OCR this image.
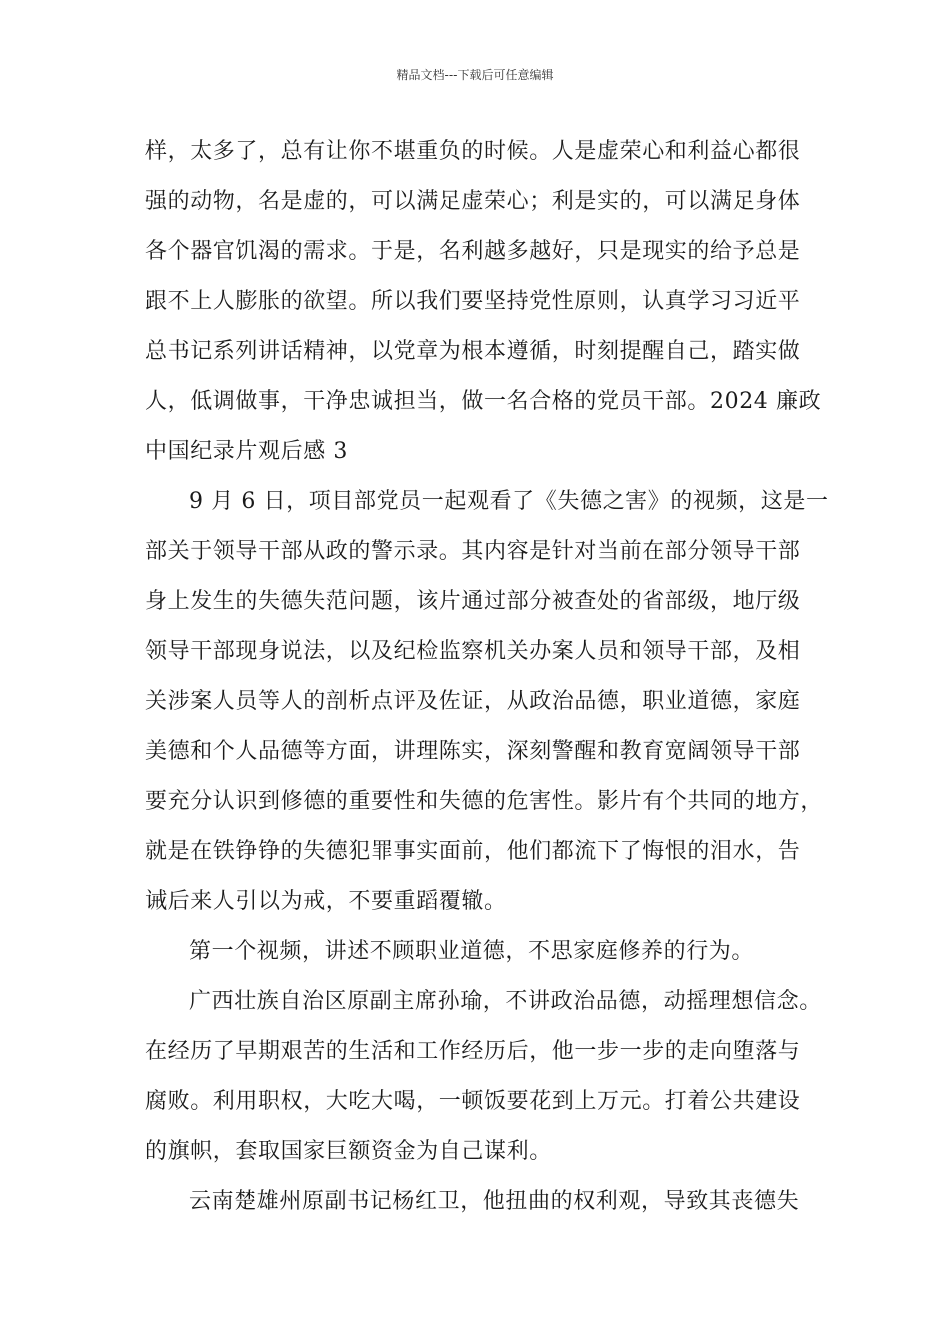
精品文档---下载后可任意编辑
样，太多了，总有让你不堪重负的时候。人是虚荣心和利益心都很
强的动物，名是虚的，可以满足虚荣心；利是实的，可以满足身体
各个器官饥渴的需求。于是，名利越多越好，只是现实的给予总是
跟不上人膨胀的欲望。所以我们要坚持党性原则，认真学习习近平
总书记系列讲话精神，以党章为根本遵循，时刻提醒自己，踏实做
人，低调做事，干净忠诚担当，做一名合格的党员干部。2024 廉政
中国纪录片观后感 3
9 月 6 日，项目部党员一起观看了《失德之害》的视频，这是一
部关于领导干部从政的警示录。其内容是针对当前在部分领导干部
身上发生的失德失范问题，该片通过部分被查处的省部级，地厅级
领导干部现身说法，以及纪检监察机关办案人员和领导干部，及相
关涉案人员等人的剖析点评及佐证，从政治品德，职业道德，家庭
美德和个人品德等方面，讲理陈实，深刻警醒和教育宽阔领导干部
要充分认识到修德的重要性和失德的危害性。影片有个共同的地方，
就是在铁铮铮的失德犯罪事实面前，他们都流下了悔恨的泪水，告
诫后来人引以为戒，不要重蹈覆辙。
第一个视频，讲述不顾职业道德，不思家庭修养的行为。
广西壮族自治区原副主席孙瑜，不讲政治品德，动摇理想信念。
在经历了早期艰苦的生活和工作经历后，他一步一步的走向堕落与
腐败。利用职权，大吃大喝，一顿饭要花到上万元。打着公共建设
的旗帜，套取国家巨额资金为自己谋利。
云南楚雄州原副书记杨红卫，他扭曲的权利观，导致其丧德失
